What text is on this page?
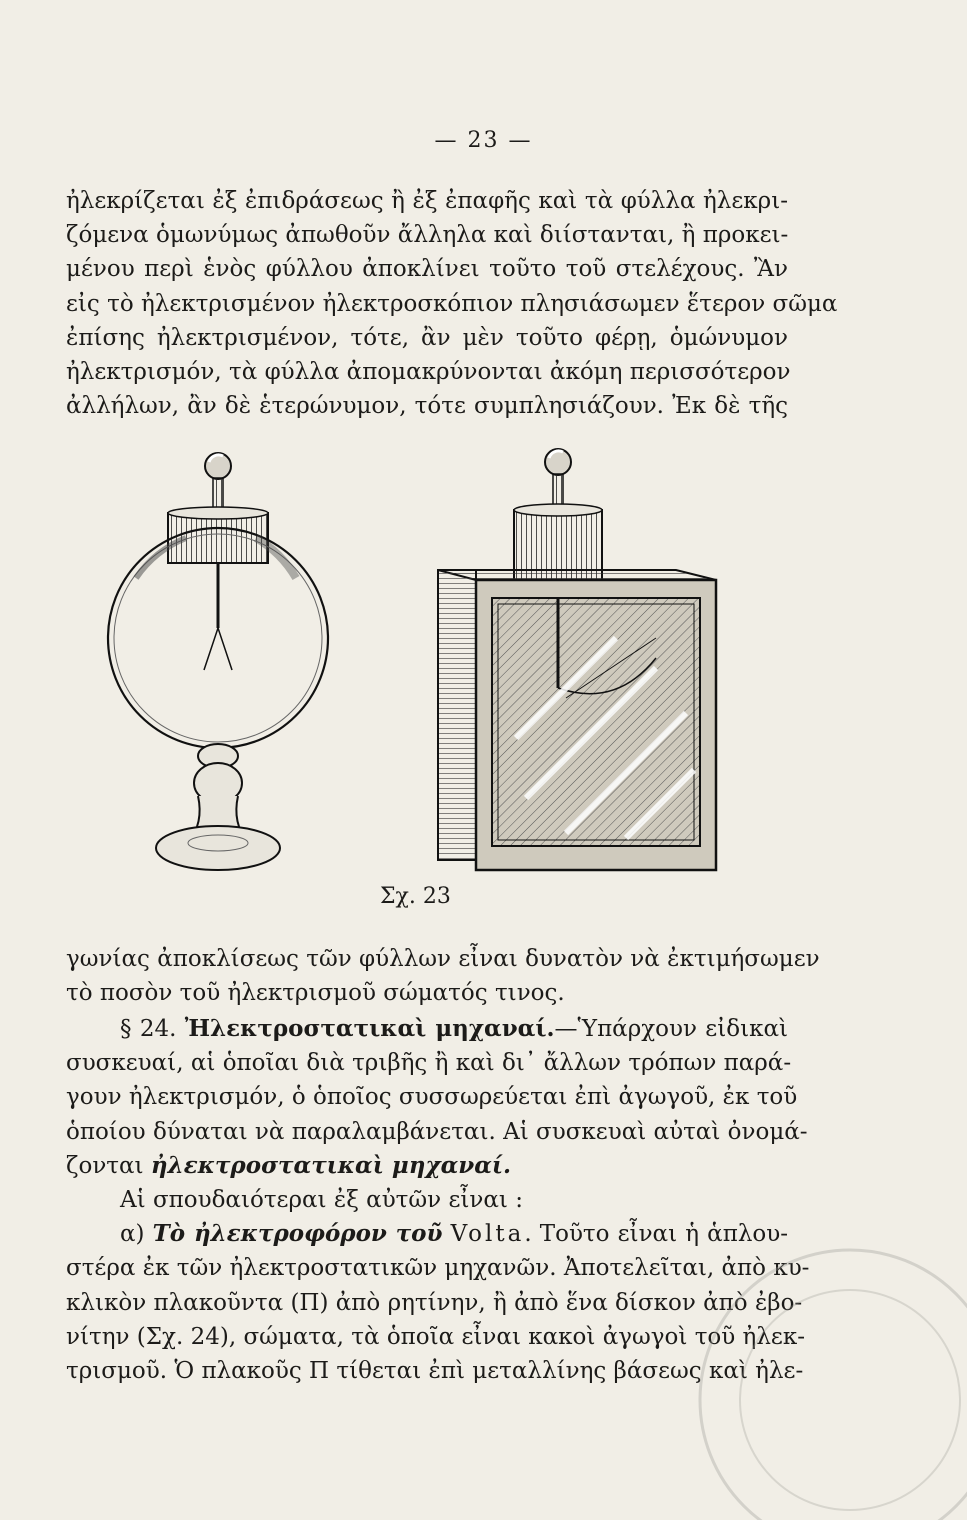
— 23 —
ἠλεκρίζεται ἐξ ἐπιδράσεως ἢ ἐξ ἐπαφῆς καὶ τὰ φύλλα ἠλεκρι-
ζόμενα ὁμωνύμως ἀπωθοῦν ἄλληλα καὶ διίστανται, ἢ προκει-
μένου περὶ ἑνὸς φύλλου ἀποκλίνει τοῦτο τοῦ στελέχους. Ἂν
εἰς τὸ ἠλεκτρισμένον ἠλεκτροσκόπιον πλησιάσωμεν ἕτερον σῶμα
ἐπίσης ἠλεκτρισμένον, τότε, ἂν μὲν τοῦτο φέρῃ, ὁμώνυμον
ἠλεκτρισμόν, τὰ φύλλα ἀπομακρύνονται ἀκόμη περισσότερον
ἀλλήλων, ἂν δὲ ἑτερώνυμον, τότε συμπλησιάζουν. Ἐκ δὲ τῆς
Σχ. 23
γωνίας ἀποκλίσεως τῶν φύλλων εἶναι δυνατὸν νὰ ἐκτιμήσωμεν
τὸ ποσὸν τοῦ ἠλεκτρισμοῦ σώματός τινος.
§ 24. Ἠλεκτροστατικαὶ μηχαναί.—Ὑπάρχουν εἰδικαὶ
συσκευαί, αἱ ὁποῖαι διὰ τριβῆς ἢ καὶ δι᾿ ἄλλων τρόπων παρά-
γουν ἠλεκτρισμόν, ὁ ὁποῖος συσσωρεύεται ἐπὶ ἀγωγοῦ, ἐκ τοῦ
ὁποίου δύναται νὰ παραλαμβάνεται. Αἱ συσκευαὶ αὐταὶ ὀνομά-
ζονται ἠλεκτροστατικαὶ μηχαναί.
Αἱ σπουδαιότεραι ἐξ αὐτῶν εἶναι :
α) Τὸ ἠλεκτροφόρον τοῦ Volta. Τοῦτο εἶναι ἡ ἁπλου-
στέρα ἐκ τῶν ἠλεκτροστατικῶν μηχανῶν. Ἀποτελεῖται, ἀπὸ κυ-
κλικὸν πλακοῦντα (Π) ἀπὸ ρητίνην, ἢ ἀπὸ ἕνα δίσκον ἀπὸ ἐβο-
νίτην (Σχ. 24), σώματα, τὰ ὁποῖα εἶναι κακοὶ ἀγωγοὶ τοῦ ἠλεκ-
τρισμοῦ. Ὁ πλακοῦς Π τίθεται ἐπὶ μεταλλίνης βάσεως καὶ ἠλε-
